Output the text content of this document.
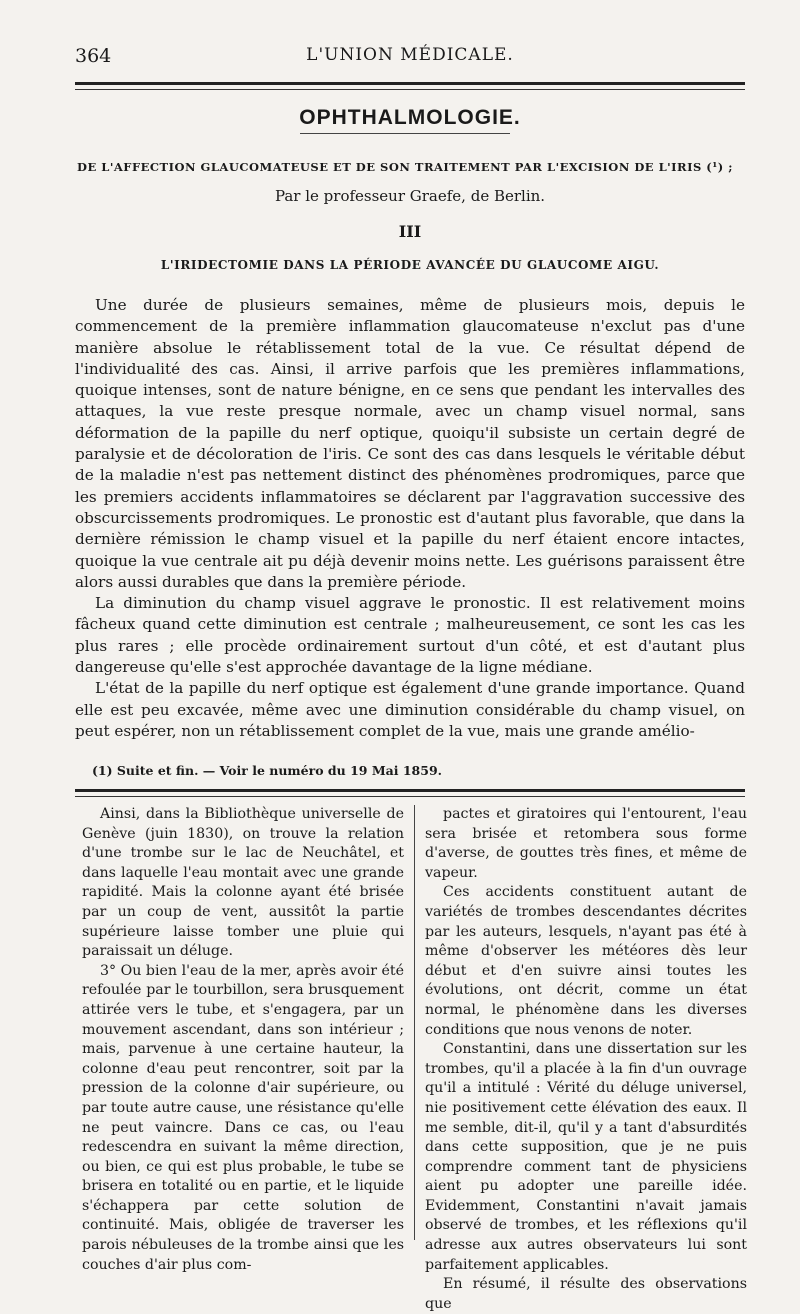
364	L'UNION MÉDICALE.
OPHTHALMOLOGIE.
DE L'AFFECTION GLAUCOMATEUSE ET DE SON TRAITEMENT PAR L'EXCISION DE L'IRIS (¹) ;
Par le professeur Graefe, de Berlin.
III
L'IRIDECTOMIE DANS LA PÉRIODE AVANCÉE DU GLAUCOME AIGU.

Une durée de plusieurs semaines, même de plusieurs mois, depuis le commencement de la première inflammation glaucomateuse n'exclut pas d'une manière absolue le rétablissement total de la vue. Ce résultat dépend de l'individualité des cas. Ainsi, il arrive parfois que les premières inflammations, quoique intenses, sont de nature bénigne, en ce sens que pendant les intervalles des attaques, la vue reste presque normale, avec un champ visuel normal, sans déformation de la papille du nerf optique, quoiqu'il subsiste un certain degré de paralysie et de décoloration de l'iris. Ce sont des cas dans lesquels le véritable début de la maladie n'est pas nettement distinct des phénomènes prodromiques, parce que les premiers accidents inflammatoires se déclarent par l'aggravation successive des obscurcissements prodromiques. Le pronostic est d'autant plus favorable, que dans la dernière rémission le champ visuel et la papille du nerf étaient encore intactes, quoique la vue centrale ait pu déjà devenir moins nette. Les guérisons paraissent être alors aussi durables que dans la première période.

La diminution du champ visuel aggrave le pronostic. Il est relativement moins fâcheux quand cette diminution est centrale ; malheureusement, ce sont les cas les plus rares ; elle procède ordinairement surtout d'un côté, et est d'autant plus dangereuse qu'elle s'est approchée davantage de la ligne médiane.

L'état de la papille du nerf optique est également d'une grande importance. Quand elle est peu excavée, même avec une diminution considérable du champ visuel, on peut espérer, non un rétablissement complet de la vue, mais une grande amélio-

(1) Suite et fin. — Voir le numéro du 19 Mai 1859.

Ainsi, dans la Bibliothèque universelle de Genève (juin 1830), on trouve la relation d'une trombe sur le lac de Neuchâtel, et dans laquelle l'eau montait avec une grande rapidité. Mais la colonne ayant été brisée par un coup de vent, aussitôt la partie supérieure laisse tomber une pluie qui paraissait un déluge.

3° Ou bien l'eau de la mer, après avoir été refoulée par le tourbillon, sera brusquement attirée vers le tube, et s'engagera, par un mouvement ascendant, dans son intérieur ; mais, parvenue à une certaine hauteur, la colonne d'eau peut rencontrer, soit par la pression de la colonne d'air supérieure, ou par toute autre cause, une résistance qu'elle ne peut vaincre. Dans ce cas, ou l'eau redescendra en suivant la même direction, ou bien, ce qui est plus probable, le tube se brisera en totalité ou en partie, et le liquide s'échappera par cette solution de continuité. Mais, obligée de traverser les parois nébuleuses de la trombe ainsi que les couches d'air plus com-

pactes et giratoires qui l'entourent, l'eau sera brisée et retombera sous forme d'averse, de gouttes très fines, et même de vapeur.

Ces accidents constituent autant de variétés de trombes descendantes décrites par les auteurs, lesquels, n'ayant pas été à même d'observer les météores dès leur début et d'en suivre ainsi toutes les évolutions, ont décrit, comme un état normal, le phénomène dans les diverses conditions que nous venons de noter.

Constantini, dans une dissertation sur les trombes, qu'il a placée à la fin d'un ouvrage qu'il a intitulé : Vérité du déluge universel, nie positivement cette élévation des eaux. Il me semble, dit-il, qu'il y a tant d'absurdités dans cette supposition, que je ne puis comprendre comment tant de physiciens aient pu adopter une pareille idée. Evidemment, Constantini n'avait jamais observé de trombes, et les réflexions qu'il adresse aux autres observateurs lui sont parfaitement applicables.

En résumé, il résulte des observations que
